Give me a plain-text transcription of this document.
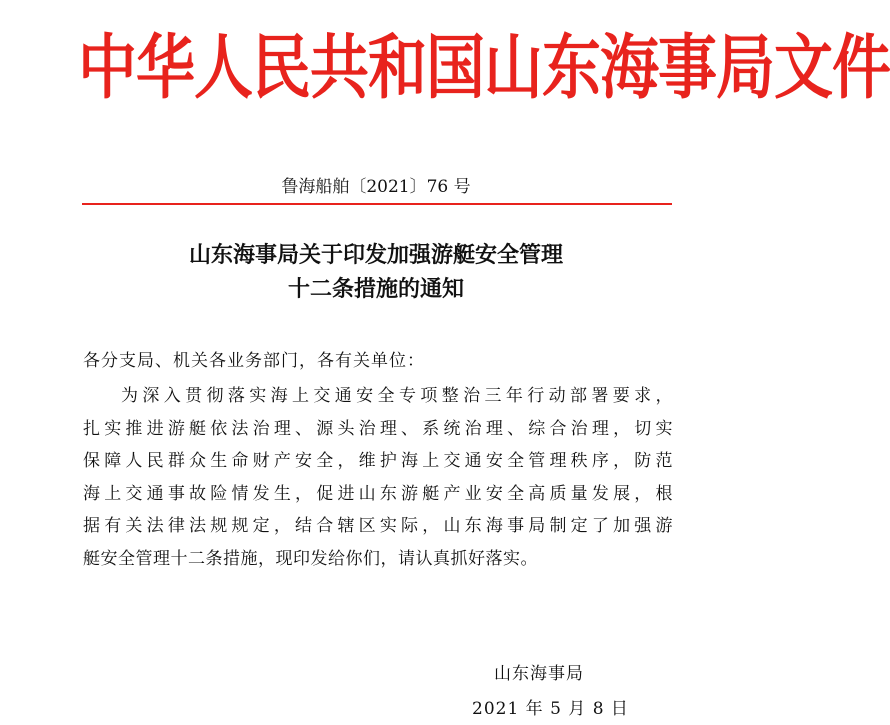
中华人民共和国山东海事局文件
鲁海船舶〔2021〕76 号
山东海事局关于印发加强游艇安全管理
十二条措施的通知
各分支局、机关各业务部门，各有关单位：
为深入贯彻落实海上交通安全专项整治三年行动部署要求，
扎实推进游艇依法治理、源头治理、系统治理、综合治理，切实
保障人民群众生命财产安全，维护海上交通安全管理秩序，防范
海上交通事故险情发生，促进山东游艇产业安全高质量发展，根
据有关法律法规规定，结合辖区实际，山东海事局制定了加强游
艇安全管理十二条措施，现印发给你们，请认真抓好落实。
山东海事局
2021 年 5 月 8 日
